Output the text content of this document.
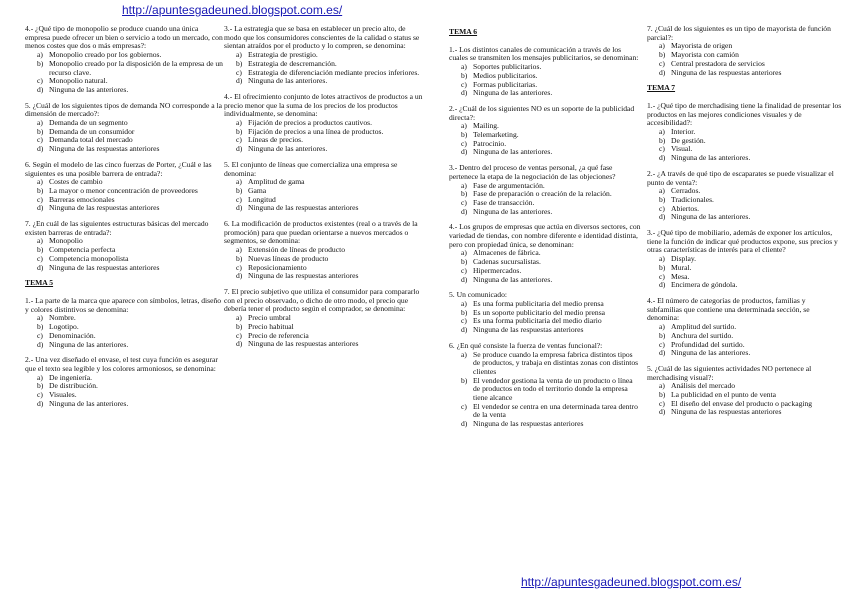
http://apuntesgadeuned.blogspot.com.es/
http://apuntesgadeuned.blogspot.com.es/

4.- ¿Qué tipo de monopolio se produce cuando una única empresa puede ofrecer un bien o servicio a todo un mercado, con menos costes que dos o más empresas?:

a) Monopolio creado por los gobiernos.
b) Monopolio creado por la disposición de la empresa de un recurso clave.
c) Monopolio natural.
d) Ninguna de las anteriores.

5. ¿Cuál de los siguientes tipos de demanda NO corresponde a la dimensión de mercado?:

a) Demanda de un segmento
b) Demanda de un consumidor
c) Demanda total del mercado
d) Ninguna de las respuestas anteriores

6. Según el modelo de las cinco fuerzas de Porter, ¿Cuál e las siguientes es una posible barrera de entrada?:

a) Costes de cambio
b) La mayor o menor concentración de proveedores
c) Barreras emocionales
d) Ninguna de las respuestas anteriores

7. ¿En cuál de las siguientes estructuras básicas del mercado existen barreras de entrada?:

a) Monopolio
b) Competencia perfecta
c) Competencia monopolista
d) Ninguna de las respuestas anteriores
TEMA 5

1.- La parte de la marca que aparece con símbolos, letras, diseño y colores distintivos se denomina:

a) Nombre.
b) Logotipo.
c) Denominación.
d) Ninguna de las anteriores.

2.- Una vez diseñado el envase, el test cuya función es asegurar que el texto sea legible y los colores armoniosos, se denomina:

a) De ingeniería.
b) De distribución.
c) Visuales.
d) Ninguna de las anteriores.

3.- La estrategia que se basa en establecer un precio alto, de modo que los consumidores conscientes de la calidad o status se sientan atraídos por el producto y lo compren, se denomina:

a) Estrategia de prestigio.
b) Estrategia de descremanción.
c) Estrategia de diferenciación mediante precios inferiores.
d) Ninguna de las anteriores.

4.- El ofrecimiento conjunto de lotes atractivos de productos a un precio menor que la suma de los precios de los productos individualmente, se denomina:

a) Fijación de precios a productos cautivos.
b) Fijación de precios a una línea de productos.
c) Líneas de precios.
d) Ninguna de las anteriores.

5. El conjunto de líneas que comercializa una empresa se denomina:

a) Amplitud de gama
b) Gama
c) Longitud
d) Ninguna de las respuestas anteriores

6. La modificación de productos existentes (real o a través de la promoción) para que puedan orientarse a nuevos mercados o segmentos, se denomina:

a) Extensión de líneas de producto
b) Nuevas líneas de producto
c) Reposicionamiento
d) Ninguna de las respuestas anteriores

7. El precio subjetivo que utiliza el consumidor para compararlo con el precio observado, o dicho de otro modo, el precio que debería tener el producto según el comprador, se denomina:

a) Precio umbral
b) Precio habitual
c) Precio de referencia
d) Ninguna de las respuestas anteriores
TEMA 6

1.- Los distintos canales de comunicación a través de los cuales se transmiten los mensajes publicitarios, se denominan:

a) Soportes publicitarios.
b) Medios publicitarios.
c) Formas publicitarias.
d) Ninguna de las anteriores.

2.- ¿Cuál de los siguientes NO es un soporte de la publicidad directa?:

a) Mailing.
b) Telemarketing.
c) Patrocinio.
d) Ninguna de las anteriores.

3.- Dentro del proceso de ventas personal, ¿a qué fase pertenece la etapa de la negociación de las objeciones?

a) Fase de argumentación.
b) Fase de preparación o creación de la relación.
c) Fase de transacción.
d) Ninguna de las anteriores.

4.- Los grupos de empresas que actúa en diversos sectores, con variedad de tiendas, con nombre diferente e identidad distinta, pero con propiedad única, se denominan:

a) Almacenes de fábrica.
b) Cadenas sucursalistas.
c) Hipermercados.
d) Ninguna de las anteriores.

5. Un comunicado:

a) Es una forma publicitaria del medio prensa
b) Es un soporte publicitario del medio prensa
c) Es una forma publicitaria del medio diario
d) Ninguna de las respuestas anteriores

6. ¿En qué consiste la fuerza de ventas funcional?:

a) Se produce cuando la empresa fabrica distintos tipos de productos, y trabaja en distintas zonas con distintos clientes
b) El vendedor gestiona la venta de un producto o línea de productos en todo el territorio donde la empresa tiene alcance
c) El vendedor se centra en una determinada tarea dentro de la venta
d) Ninguna de las respuestas anteriores

7. ¿Cuál de los siguientes es un tipo de mayorista de función parcial?:

a) Mayorista de origen
b) Mayorista con camión
c) Central prestadora de servicios
d) Ninguna de las respuestas anteriores
TEMA 7

1.- ¿Qué tipo de merchadising tiene la finalidad de presentar los productos en las mejores condiciones visuales y de accesibilidad?:

a) Interior.
b) De gestión.
c) Visual.
d) Ninguna de las anteriores.

2.- ¿A través de qué tipo de escaparates se puede visualizar el punto de venta?:

a) Cerrados.
b) Tradicionales.
c) Abiertos.
d) Ninguna de las anteriores.

3.- ¿Qué tipo de mobiliario, además de exponer los artículos, tiene la función de indicar qué productos expone, sus precios y otras características de interés para el cliente?

a) Display.
b) Mural.
c) Mesa.
d) Encimera de góndola.

4.- El número de categorías de productos, familias y subfamilias que contiene una determinada sección, se denomina:

a) Amplitud del surtido.
b) Anchura del surtido.
c) Profundidad del surtido.
d) Ninguna de las anteriores.

5. ¿Cuál de las siguientes actividades NO pertenece al merchadising visual?:

a) Análisis del mercado
b) La publicidad en el punto de venta
c) El diseño del envase del producto o packaging
d) Ninguna de las respuestas anteriores
